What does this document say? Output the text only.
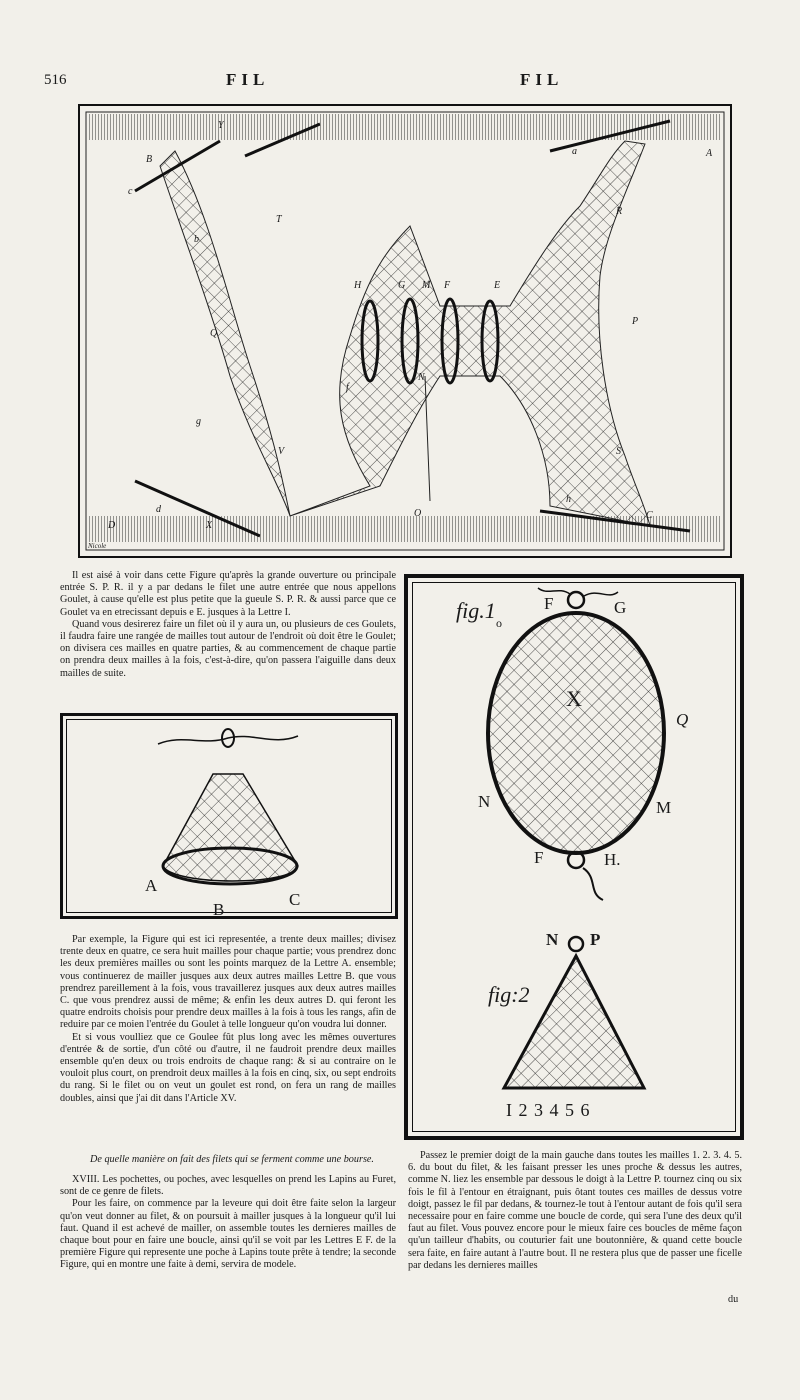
516	FIL	FIL
B
Y
c
T
b
Q
g
V
d
X
D
a	A
R
P
S
h
C
H	G M F	E
f
N
O
Nicole

Il est aisé à voir dans cette Figure qu'après la grande ouverture ou principale entrée S. P. R. il y a par dedans le filet une autre entrée que nous appellons Goulet, à cause qu'elle est plus petite que la gueule S. P. R. & aussi parce que ce Goulet va en etrecissant depuis e E. jusques à la Lettre I.

Quand vous desirerez faire un filet où il y aura un, ou plusieurs de ces Goulets, il faudra faire une rangée de mailles tout autour de l'endroit où doit être le Goulet; on divisera ces mailles en quatre parties, & au commencement de chaque partie on prendra deux mailles à la fois, c'est-à-dire, qu'on passera l'aiguille dans deux mailles de suite.

A
B
C

Par exemple, la Figure qui est ici representée, a trente deux mailles; divisez trente deux en quatre, ce sera huit mailles pour chaque partie; vous prendrez donc les deux premières mailles ou sont les points marquez de la Lettre A. ensemble; vous continuerez de mailler jusques aux deux autres mailles Lettre B. que vous prendrez pareillement à la fois, vous travaillerez jusques aux deux autres mailles C. que vous prendrez aussi de même; & enfin les deux autres D. qui feront les quatre endroits choisis pour prendre deux mailles à la fois à tous les rangs, afin de reduire par ce moien l'entrée du Goulet à telle longueur qu'on voudra lui donner.

Et si vous voulliez que ce Goulee fût plus long avec les mêmes ouvertures d'entrée & de sortie, d'un côté ou d'autre, il ne faudroit prendre deux mailles ensemble qu'en deux ou trois endroits de chaque rang: & si au contraire on le vouloit plus court, on prendroit deux mailles à la fois en cinq, six, ou sept endroits du rang. Si le filet ou on veut un goulet est rond, on fera un rang de mailles doubles, ainsi que j'ai dit dans l'Article XV.

De quelle manière on fait des filets qui se ferment comme une bourse.

XVIII. Les pochettes, ou poches, avec lesquelles on prend les Lapins au Furet, sont de ce genre de filets.

Pour les faire, on commence par la leveure qui doit être faite selon la largeur qu'on veut donner au filet, & on poursuit à mailler jusques à la longueur qu'il lui faut. Quand il est achevé de mailler, on assemble toutes les dernieres mailles de chaque bout pour en faire une boucle, ainsi qu'il se voit par les Lettres E F. de la première Figure qui represente une poche à Lapins toute prête à tendre; la seconde Figure, qui en montre une faite à demi, servira de modele.

fig.1 o
F	G
X
Q
N	M
F	H.
fig:2
N P
I 2 3 4 5 6

Passez le premier doigt de la main gauche dans toutes les mailles 1. 2. 3. 4. 5. 6. du bout du filet, & les faisant presser les unes proche & dessus les autres, comme N. liez les ensemble par dessous le doigt à la Lettre P. tournez cinq ou six fois le fil à l'entour en étraignant, puis ôtant toutes ces mailles de dessus votre doigt, passez le fil par dedans, & tournez-le tout à l'entour autant de fois qu'il sera necessaire pour en faire comme une boucle de corde, qui sera l'une des deux qu'il faut au filet. Vous pouvez encore pour le mieux faire ces boucles de même façon qu'un tailleur d'habits, ou couturier fait une boutonnière, & quand cette boucle sera faite, en faire autant à l'autre bout. Il ne restera plus que de passer une ficelle par dedans les dernieres mailles

du
